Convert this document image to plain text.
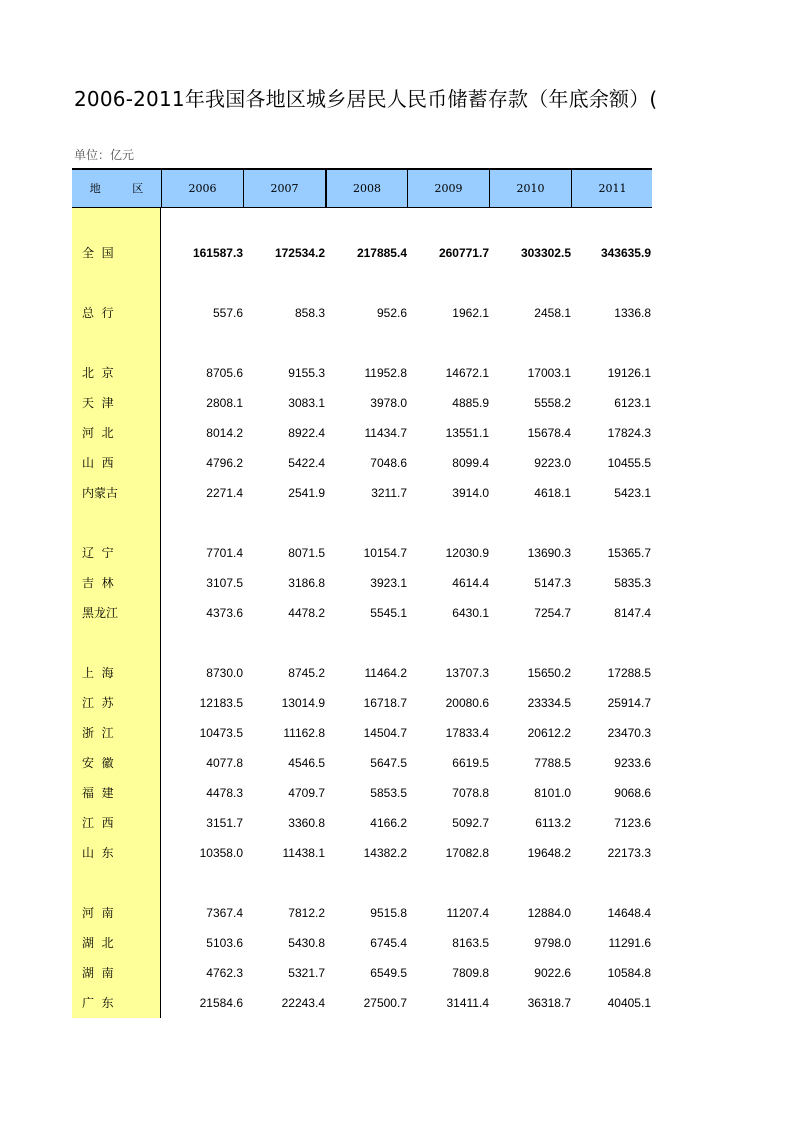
2006-2011年我国各地区城乡居民人民币储蓄存款（年底余额）(
单位：亿元
地 区	2006	2007	2008	2009	2010	2011
全  国	161587.3	172534.2	217885.4	260771.7	303302.5	343635.9
总  行	557.6	858.3	952.6	1962.1	2458.1	1336.8
北  京	8705.6	9155.3	11952.8	14672.1	17003.1	19126.1
天  津	2808.1	3083.1	3978.0	4885.9	5558.2	6123.1
河  北	8014.2	8922.4	11434.7	13551.1	15678.4	17824.3
山  西	4796.2	5422.4	7048.6	8099.4	9223.0	10455.5
内蒙古	2271.4	2541.9	3211.7	3914.0	4618.1	5423.1
辽  宁	7701.4	8071.5	10154.7	12030.9	13690.3	15365.7
吉  林	3107.5	3186.8	3923.1	4614.4	5147.3	5835.3
黑龙江	4373.6	4478.2	5545.1	6430.1	7254.7	8147.4
上  海	8730.0	8745.2	11464.2	13707.3	15650.2	17288.5
江  苏	12183.5	13014.9	16718.7	20080.6	23334.5	25914.7
浙  江	10473.5	11162.8	14504.7	17833.4	20612.2	23470.3
安  徽	4077.8	4546.5	5647.5	6619.5	7788.5	9233.6
福  建	4478.3	4709.7	5853.5	7078.8	8101.0	9068.6
江  西	3151.7	3360.8	4166.2	5092.7	6113.2	7123.6
山  东	10358.0	11438.1	14382.2	17082.8	19648.2	22173.3
河  南	7367.4	7812.2	9515.8	11207.4	12884.0	14648.4
湖  北	5103.6	5430.8	6745.4	8163.5	9798.0	11291.6
湖  南	4762.3	5321.7	6549.5	7809.8	9022.6	10584.8
广  东	21584.6	22243.4	27500.7	31411.4	36318.7	40405.1
